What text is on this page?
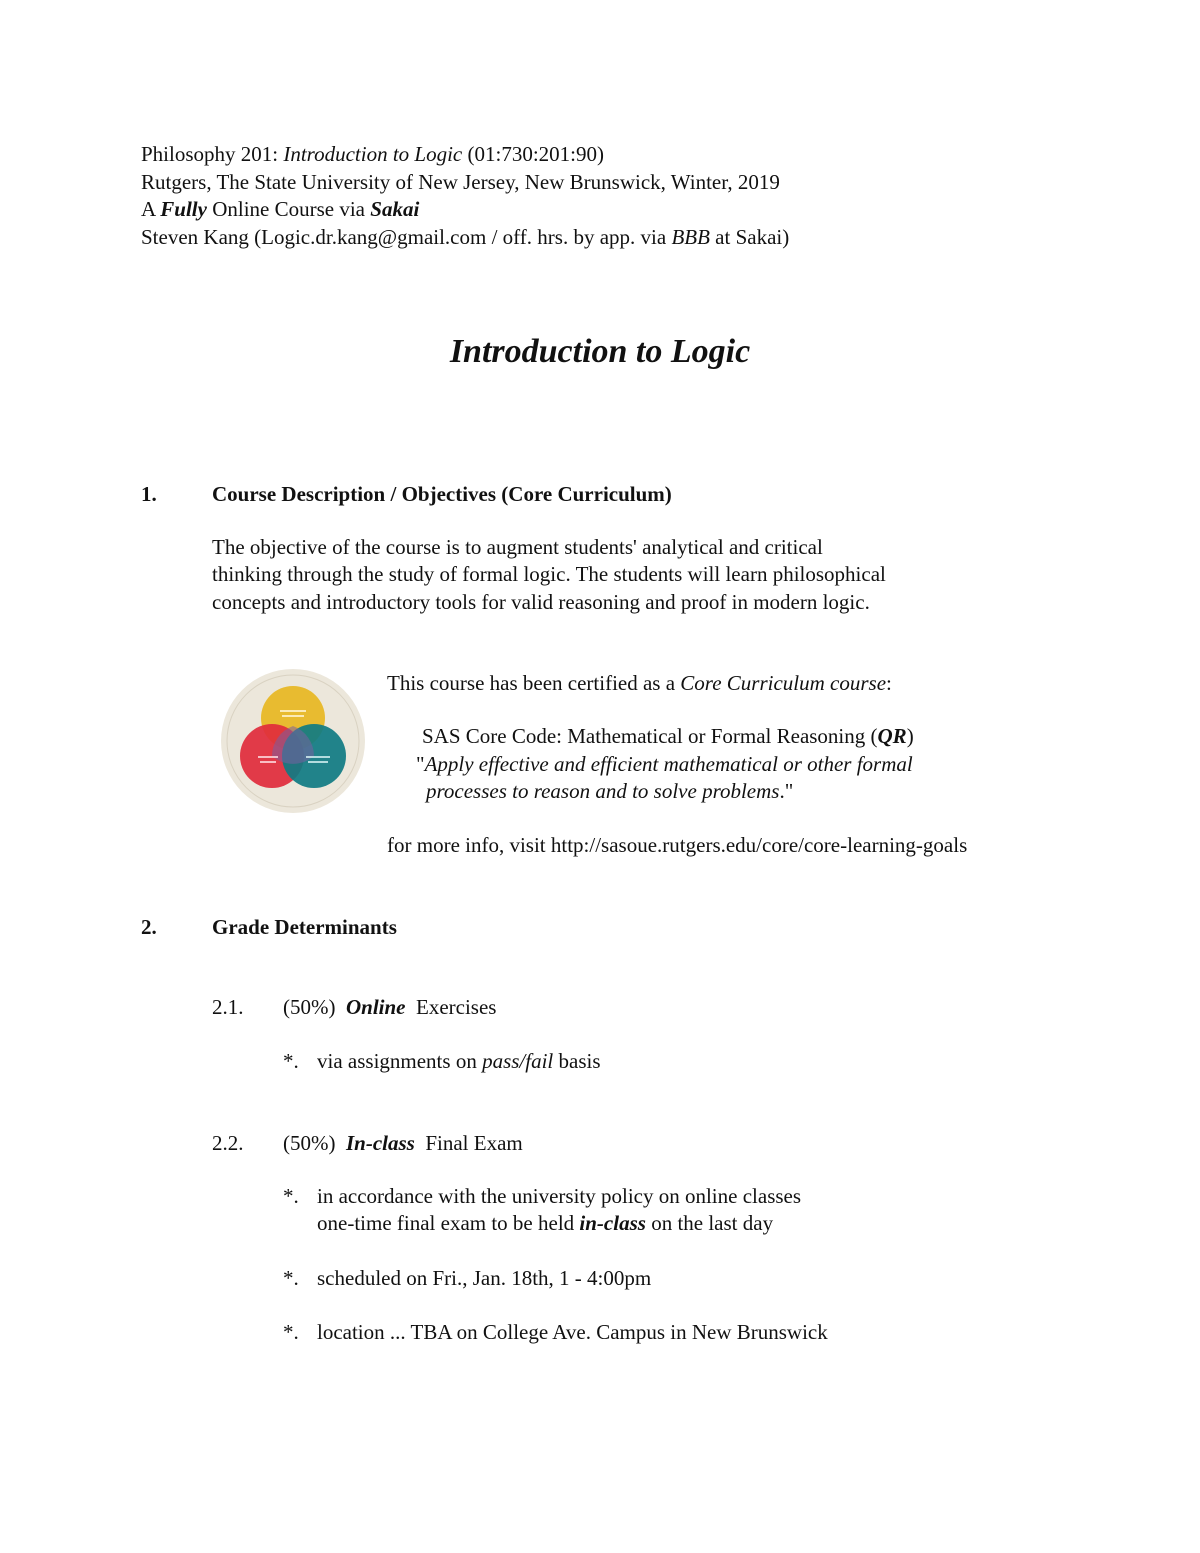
Philosophy 201: Introduction to Logic (01:730:201:90)
Rutgers, The State University of New Jersey, New Brunswick, Winter, 2019
A Fully Online Course via Sakai
Steven Kang (Logic.dr.kang@gmail.com / off. hrs. by app. via BBB at Sakai)
Introduction to Logic
1.	Course Description / Objectives (Core Curriculum)
The objective of the course is to augment students' analytical and critical
thinking through the study of formal logic. The students will learn philosophical
concepts and introductory tools for valid reasoning and proof in modern logic.
This course has been certified as a Core Curriculum course:
SAS Core Code: Mathematical or Formal Reasoning (QR)
"Apply effective and efficient mathematical or other formal
processes to reason and to solve problems."
for more info, visit http://sasoue.rutgers.edu/core/core-learning-goals
2.	Grade Determinants
2.1. (50%) Online Exercises
*. via assignments on pass/fail basis
2.2. (50%) In-class Final Exam
*. in accordance with the university policy on online classes
one-time final exam to be held in-class on the last day
*. scheduled on Fri., Jan. 18th, 1 - 4:00pm
*. location ... TBA on College Ave. Campus in New Brunswick
